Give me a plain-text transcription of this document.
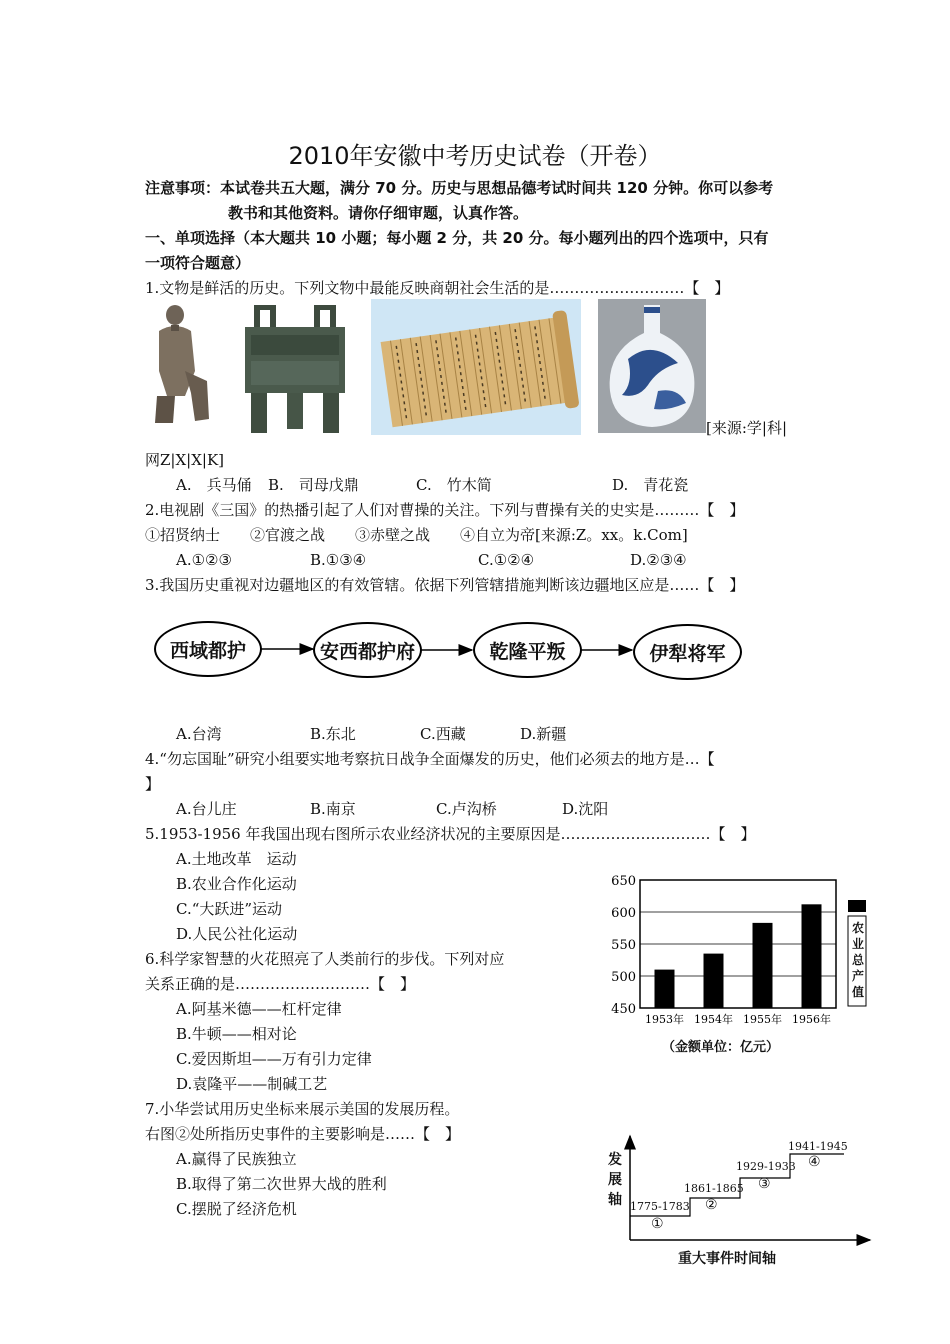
2010年安徽中考历史试卷（开卷）
注意事项：本试卷共五大题，满分 70 分。历史与思想品德考试时间共 120 分钟。你可以参考
教书和其他资料。请你仔细审题，认真作答。
一、单项选择（本大题共 10 小题；每小题 2 分，共 20 分。每小题列出的四个选项中，只有
一项符合题意）
1.文物是鲜活的历史。下列文物中最能反映商朝社会生活的是………………………【　】
[来源:学|科|
网Z|X|X|K]
A.　兵马俑 B.　司母戊鼎	C.　竹木简	D.　青花瓷
2.电视剧《三国》的热播引起了人们对曹操的关注。下列与曹操有关的史实是………【　】
①招贤纳士　　②官渡之战　　③赤壁之战　　④自立为帝[来源:Z。xx。k.Com]
A.①②③	B.①③④	C.①②④	D.②③④
3.我国历史重视对边疆地区的有效管辖。依据下列管辖措施判断该边疆地区应是……【　】
西域都护	安西都护府	乾隆平叛	伊犁将军
A.台湾	B.东北	C.西藏	D.新疆
4.“勿忘国耻”研究小组要实地考察抗日战争全面爆发的历史，他们必须去的地方是…【
】
A.台儿庄	B.南京	C.卢沟桥	D.沈阳
5.1953-1956 年我国出现右图所示农业经济状况的主要原因是…………………………【　】
A.土地改革　运动
B.农业合作化运动
C.“大跃进”运动
D.人民公社化运动
650
600
550
500
450
1953年 1954年 1955年 1956年
农业总产值
（金额单位：亿元）
6.科学家智慧的火花照亮了人类前行的步伐。下列对应
关系正确的是………………………【　】
A.阿基米德——杠杆定律
B.牛顿——相对论
C.爱因斯坦——万有引力定律
D.袁隆平——制碱工艺
7.小华尝试用历史坐标来展示美国的发展历程。
右图②处所指历史事件的主要影响是……【　】
A.赢得了民族独立
B.取得了第二次世界大战的胜利
C.摆脱了经济危机
发展轴
重大事件时间轴
1775-1783
①
1861-1865
②
1929-1933
③
1941-1945
④
